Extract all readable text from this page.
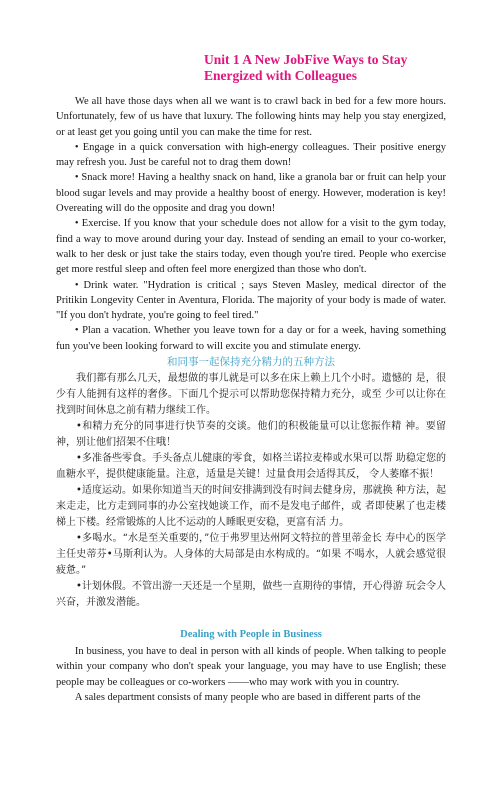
Unit 1 A New JobFive Ways to Stay
Energized with Colleagues

We all have those days when all we want is to crawl back in bed for a few more hours. Unfortunately, few of us have that luxury. The following hints may help you stay energized, or at least get you going until you can make the time for rest.

• Engage in a quick conversation with high-energy colleagues. Their positive energy may refresh you. Just be careful not to drag them down!

• Snack more! Having a healthy snack on hand, like a granola bar or fruit can help your blood sugar levels and may provide a healthy boost of energy. However, moderation is key! Overeating will do the opposite and drag you down!

• Exercise. If you know that your schedule does not allow for a visit to the gym today, find a way to move around during your day. Instead of sending an email to your co-worker, walk to her desk or just take the stairs today, even though you're tired. People who exercise get more restful sleep and often feel more energized than those who don't.

• Drink water. "Hydration is critical ; says Steven Masley, medical director of the Pritikin Longevity Center in Aventura, Florida. The majority of your body is made of water. "If you don't hydrate, you're going to feel tired."

• Plan a vacation. Whether you leave town for a day or for a week, having something fun you've been looking forward to will excite you and stimulate energy.

和同事一起保持充分精力的五种方法

我们都有那么几天，最想做的事儿就是可以多在床上赖上几个小时。遗憾的 是，很少有人能拥有这样的奢侈。下面几个提示可以帮助您保持精力充分，或至 少可以让你在找到时间休息之前有精力继续工作。

•和精力充分的同事进行快节奏的交谈。他们的积极能量可以让您振作精 神。要留神，别让他们招架不住哦！

•多准备些零食。手头备点儿健康的零食，如格兰诺拉麦棒或水果可以帮 助稳定您的血糖水平，提供健康能量。注意，适量是关键！过量食用会适得其反， 令人萎靡不振！

•适度运动。如果你知道当天的时间安排满到没有时间去健身房，那就换 种方法，起来走走，比方走到同事的办公室找她谈工作，而不是发电子邮件，或 者即使累了也走楼梯上下楼。经常锻炼的人比不运动的人睡眠更安稳，更富有活 力。

•多喝水。“水是至关重要的，”位于弗罗里达州阿文特拉的普里蒂金长 寿中心的医学主任史蒂芬•马斯利认为。人身体的大局部是由水构成的。“如果 不喝水，人就会感觉很疲惫。”

•计划休假。不管出游一天还是一个星期，做些一直期待的事情，开心得游 玩会令人兴奋，并激发潜能。

Dealing with People in Business

In business, you have to deal in person with all kinds of people. When talking to people within your company who don't speak your language, you may have to use English; these people may be colleagues or co-workers ——who may work with you in country.

A sales department consists of many people who are based in different parts of the
